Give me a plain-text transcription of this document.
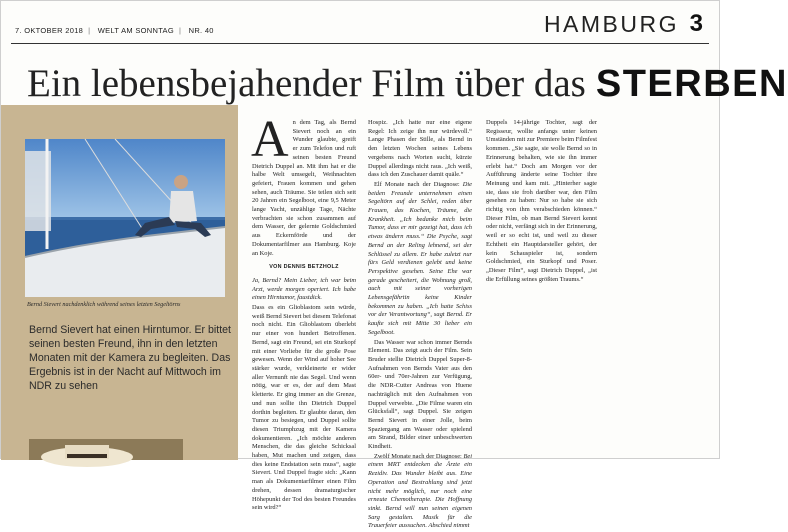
7. OKTOBER 2018 | WELT AM SONNTAG | NR. 40	HAMBURG 3
Ein lebensbejahender Film über das STERBEN
Bernd Sievert nachdenklich während seines letzten Segeltörns
Bernd Sievert hat einen Hirntumor. Er bittet seinen besten Freund, ihn in den letzten Monaten mit der Kamera zu begleiten. Das Ergebnis ist in der Nacht auf Mittwoch im NDR zu sehen
A n dem Tag, als Bernd Sievert noch an ein Wunder glaubte, greift er zum Telefon und ruft seinen besten Freund Dietrich Duppel an. Mit ihm hat er die halbe Welt umsegelt, Weihnachten gefeiert, Frauen kommen und gehen sehen, auch Träume. Sie teilen sich seit 20 Jahren ein Segelboot, eine 9,5 Meter lange Yacht, unzählige Tage, Nächte verbrachten sie schon zusammen auf dem Wasser, der gelernte Goldschmied aus Eckernförde und der Dokumentarfilmer aus Hamburg. Koje an Koje.

VON DENNIS BETZHOLZ

Ja, Bernd? Mein Lieber, ich war beim Arzt, werde morgen operiert. Ich habe einen Hirntumor, faustdick.

Dass es ein Glioblastom sein würde, weiß Bernd Sievert bei diesem Telefonat noch nicht. Ein Glioblastom überlebt nur einer von hundert Betroffenen. Bernd, sagt ein Freund, sei ein Sturkopf mit einer Vorliebe für die große Pose gewesen. Wenn der Wind auf hoher See stärker wurde, verkleinerte er wider aller Vernunft nie das Segel. Und wenn nötig, war er es, der auf dem Mast kletterte. Er ging immer an die Grenze, und nun sollte ihn Dietrich Duppel dorthin begleiten. Er glaubte daran, den Tumor zu besiegen, und Duppel sollte diesen Triumphzug mit der Kamera dokumentieren. „Ich möchte anderen Menschen, die das gleiche Schicksal haben, Mut machen und zeigen, dass dies keine Endstation sein muss“, sagte Sievert. Und Duppel fragte sich: „Kann man als Dokumentarfilmer einen Film drehen, dessen dramaturgischer Höhepunkt der Tod des besten Freundes sein wird?“

Hospiz. „Ich hatte nur eine eigene Regel: Ich zeige ihn nur würdevoll.“ Lange Phasen der Stille, als Bernd in den letzten Wochen seines Lebens vergebens nach Worten sucht, kürzte Duppel allerdings nicht raus. „Ich weiß, dass ich den Zuschauer damit quäle.“

Elf Monate nach der Diagnose: Die beiden Freunde unternehmen einen Segeltörn auf der Schlei, reden über Frauen, das Kochen, Träume, die Krankheit. „Ich bedanke mich beim Tumor, dass er mir gezeigt hat, dass ich etwas ändern muss.“ Die Psyche, sagt Bernd an der Reling lehnend, sei der Schlüssel zu allem. Er habe zuletzt nur fürs Geld verdienen gelebt und keine Perspektive gesehen. Seine Ehe war gerade gescheitert, die Wohnung groß, auch mit seiner vorherigen Lebensgefährtin keine Kinder bekommen zu haben. „Ich hatte Schiss vor der Verantwortung“, sagt Bernd. Er kaufte sich mit Mitte 30 lieber ein Segelboot.

Das Wasser war schon immer Bernds Element. Das zeigt auch der Film. Sein Bruder stellte Dietrich Duppel Super-8-Aufnahmen von Bernds Vater aus den 60er- und 70er-Jahren zur Verfügung, die NDR-Cutter Andreas von Huene nachträglich mit den Aufnahmen von Duppel verwebte. „Die Filme waren ein Glücksfall“, sagt Duppel. Sie zeigen Bernd Sievert in einer Jolle, beim Spaziergang am Wasser oder spielend am Strand, Bilder einer unbeschwerten Kindheit.

Zwölf Monate nach der Diagnose: Bei einem MRT entdecken die Ärzte ein Rezidiv. Das Wunder bleibt aus. Eine Operation und Bestrahlung sind jetzt nicht mehr möglich, nur noch eine erneute Chemotherapie. Die Hoffnung sinkt. Bernd will nun seinen eigenen Sarg gestalten. Musik für die Trauerfeier aussuchen. Abschied nimmt

Duppels 14-jährige Tochter, sagt der Regisseur, wollte anfangs unter keinen Umständen mit zur Premiere beim Filmfest kommen. „Sie sagte, sie wolle Bernd so in Erinnerung behalten, wie sie ihn immer erlebt hat.“ Doch am Morgen vor der Aufführung änderte seine Tochter ihre Meinung und kam mit. „Hinterher sagte sie, dass sie froh darüber war, den Film gesehen zu haben: Nur so habe sie sich richtig von ihm verabschieden können.“ Dieser Film, ob man Bernd Sievert kennt oder nicht, verfängt sich in der Erinnerung, weil er so echt ist, und weil zu dieser Echtheit ein Hauptdarsteller gehört, der kein Schauspieler ist, sondern Goldschmied, ein Sturkopf und Poser. „Dieser Film“, sagt Dietrich Duppel, „ist die Erfüllung seines größten Traums.“
